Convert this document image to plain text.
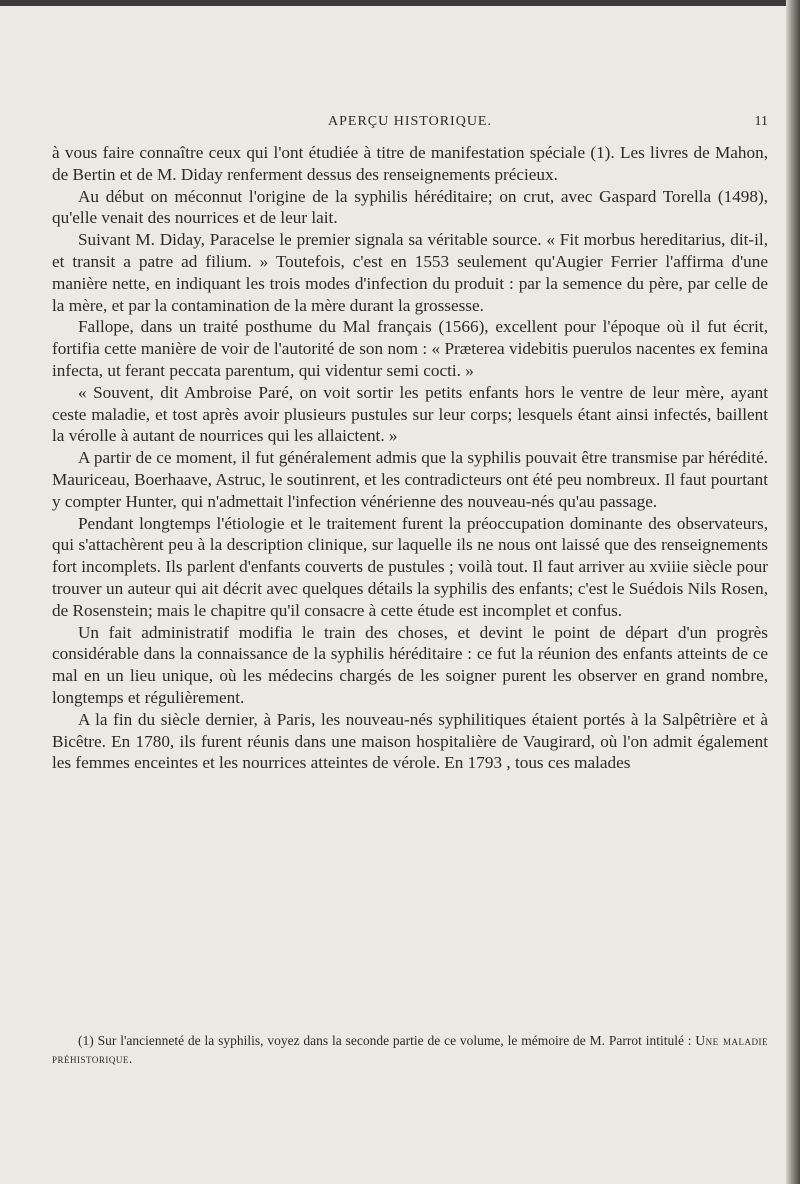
APERÇU HISTORIQUE.	11

à vous faire connaître ceux qui l'ont étudiée à titre de manifestation spéciale (1). Les livres de Mahon, de Bertin et de M. Diday renferment dessus des renseignements précieux.

Au début on méconnut l'origine de la syphilis héréditaire; on crut, avec Gaspard Torella (1498), qu'elle venait des nourrices et de leur lait.

Suivant M. Diday, Paracelse le premier signala sa véritable source. « Fit morbus hereditarius, dit-il, et transit a patre ad filium. » Toutefois, c'est en 1553 seulement qu'Augier Ferrier l'affirma d'une manière nette, en indiquant les trois modes d'infection du produit : par la semence du père, par celle de la mère, et par la contamination de la mère durant la grossesse.

Fallope, dans un traité posthume du Mal français (1566), excellent pour l'époque où il fut écrit, fortifia cette manière de voir de l'autorité de son nom : « Præterea videbitis puerulos nacentes ex femina infecta, ut ferant peccata parentum, qui videntur semi cocti. »

« Souvent, dit Ambroise Paré, on voit sortir les petits enfants hors le ventre de leur mère, ayant ceste maladie, et tost après avoir plusieurs pustules sur leur corps; lesquels étant ainsi infectés, baillent la vérolle à autant de nourrices qui les allaictent. »

A partir de ce moment, il fut généralement admis que la syphilis pouvait être transmise par hérédité. Mauriceau, Boerhaave, Astruc, le soutinrent, et les contradicteurs ont été peu nombreux. Il faut pourtant y compter Hunter, qui n'admettait l'infection vénérienne des nouveau-nés qu'au passage.

Pendant longtemps l'étiologie et le traitement furent la préoccupation dominante des observateurs, qui s'attachèrent peu à la description clinique, sur laquelle ils ne nous ont laissé que des renseignements fort incomplets. Ils parlent d'enfants couverts de pustules ; voilà tout. Il faut arriver au xviiie siècle pour trouver un auteur qui ait décrit avec quelques détails la syphilis des enfants; c'est le Suédois Nils Rosen, de Rosenstein; mais le chapitre qu'il consacre à cette étude est incomplet et confus.

Un fait administratif modifia le train des choses, et devint le point de départ d'un progrès considérable dans la connaissance de la syphilis héréditaire : ce fut la réunion des enfants atteints de ce mal en un lieu unique, où les médecins chargés de les soigner purent les observer en grand nombre, longtemps et régulièrement.

A la fin du siècle dernier, à Paris, les nouveau-nés syphilitiques étaient portés à la Salpêtrière et à Bicêtre. En 1780, ils furent réunis dans une maison hospitalière de Vaugirard, où l'on admit également les femmes enceintes et les nourrices atteintes de vérole. En 1793 , tous ces malades

(1) Sur l'ancienneté de la syphilis, voyez dans la seconde partie de ce volume, le mémoire de M. Parrot intitulé : Une maladie préhistorique.
